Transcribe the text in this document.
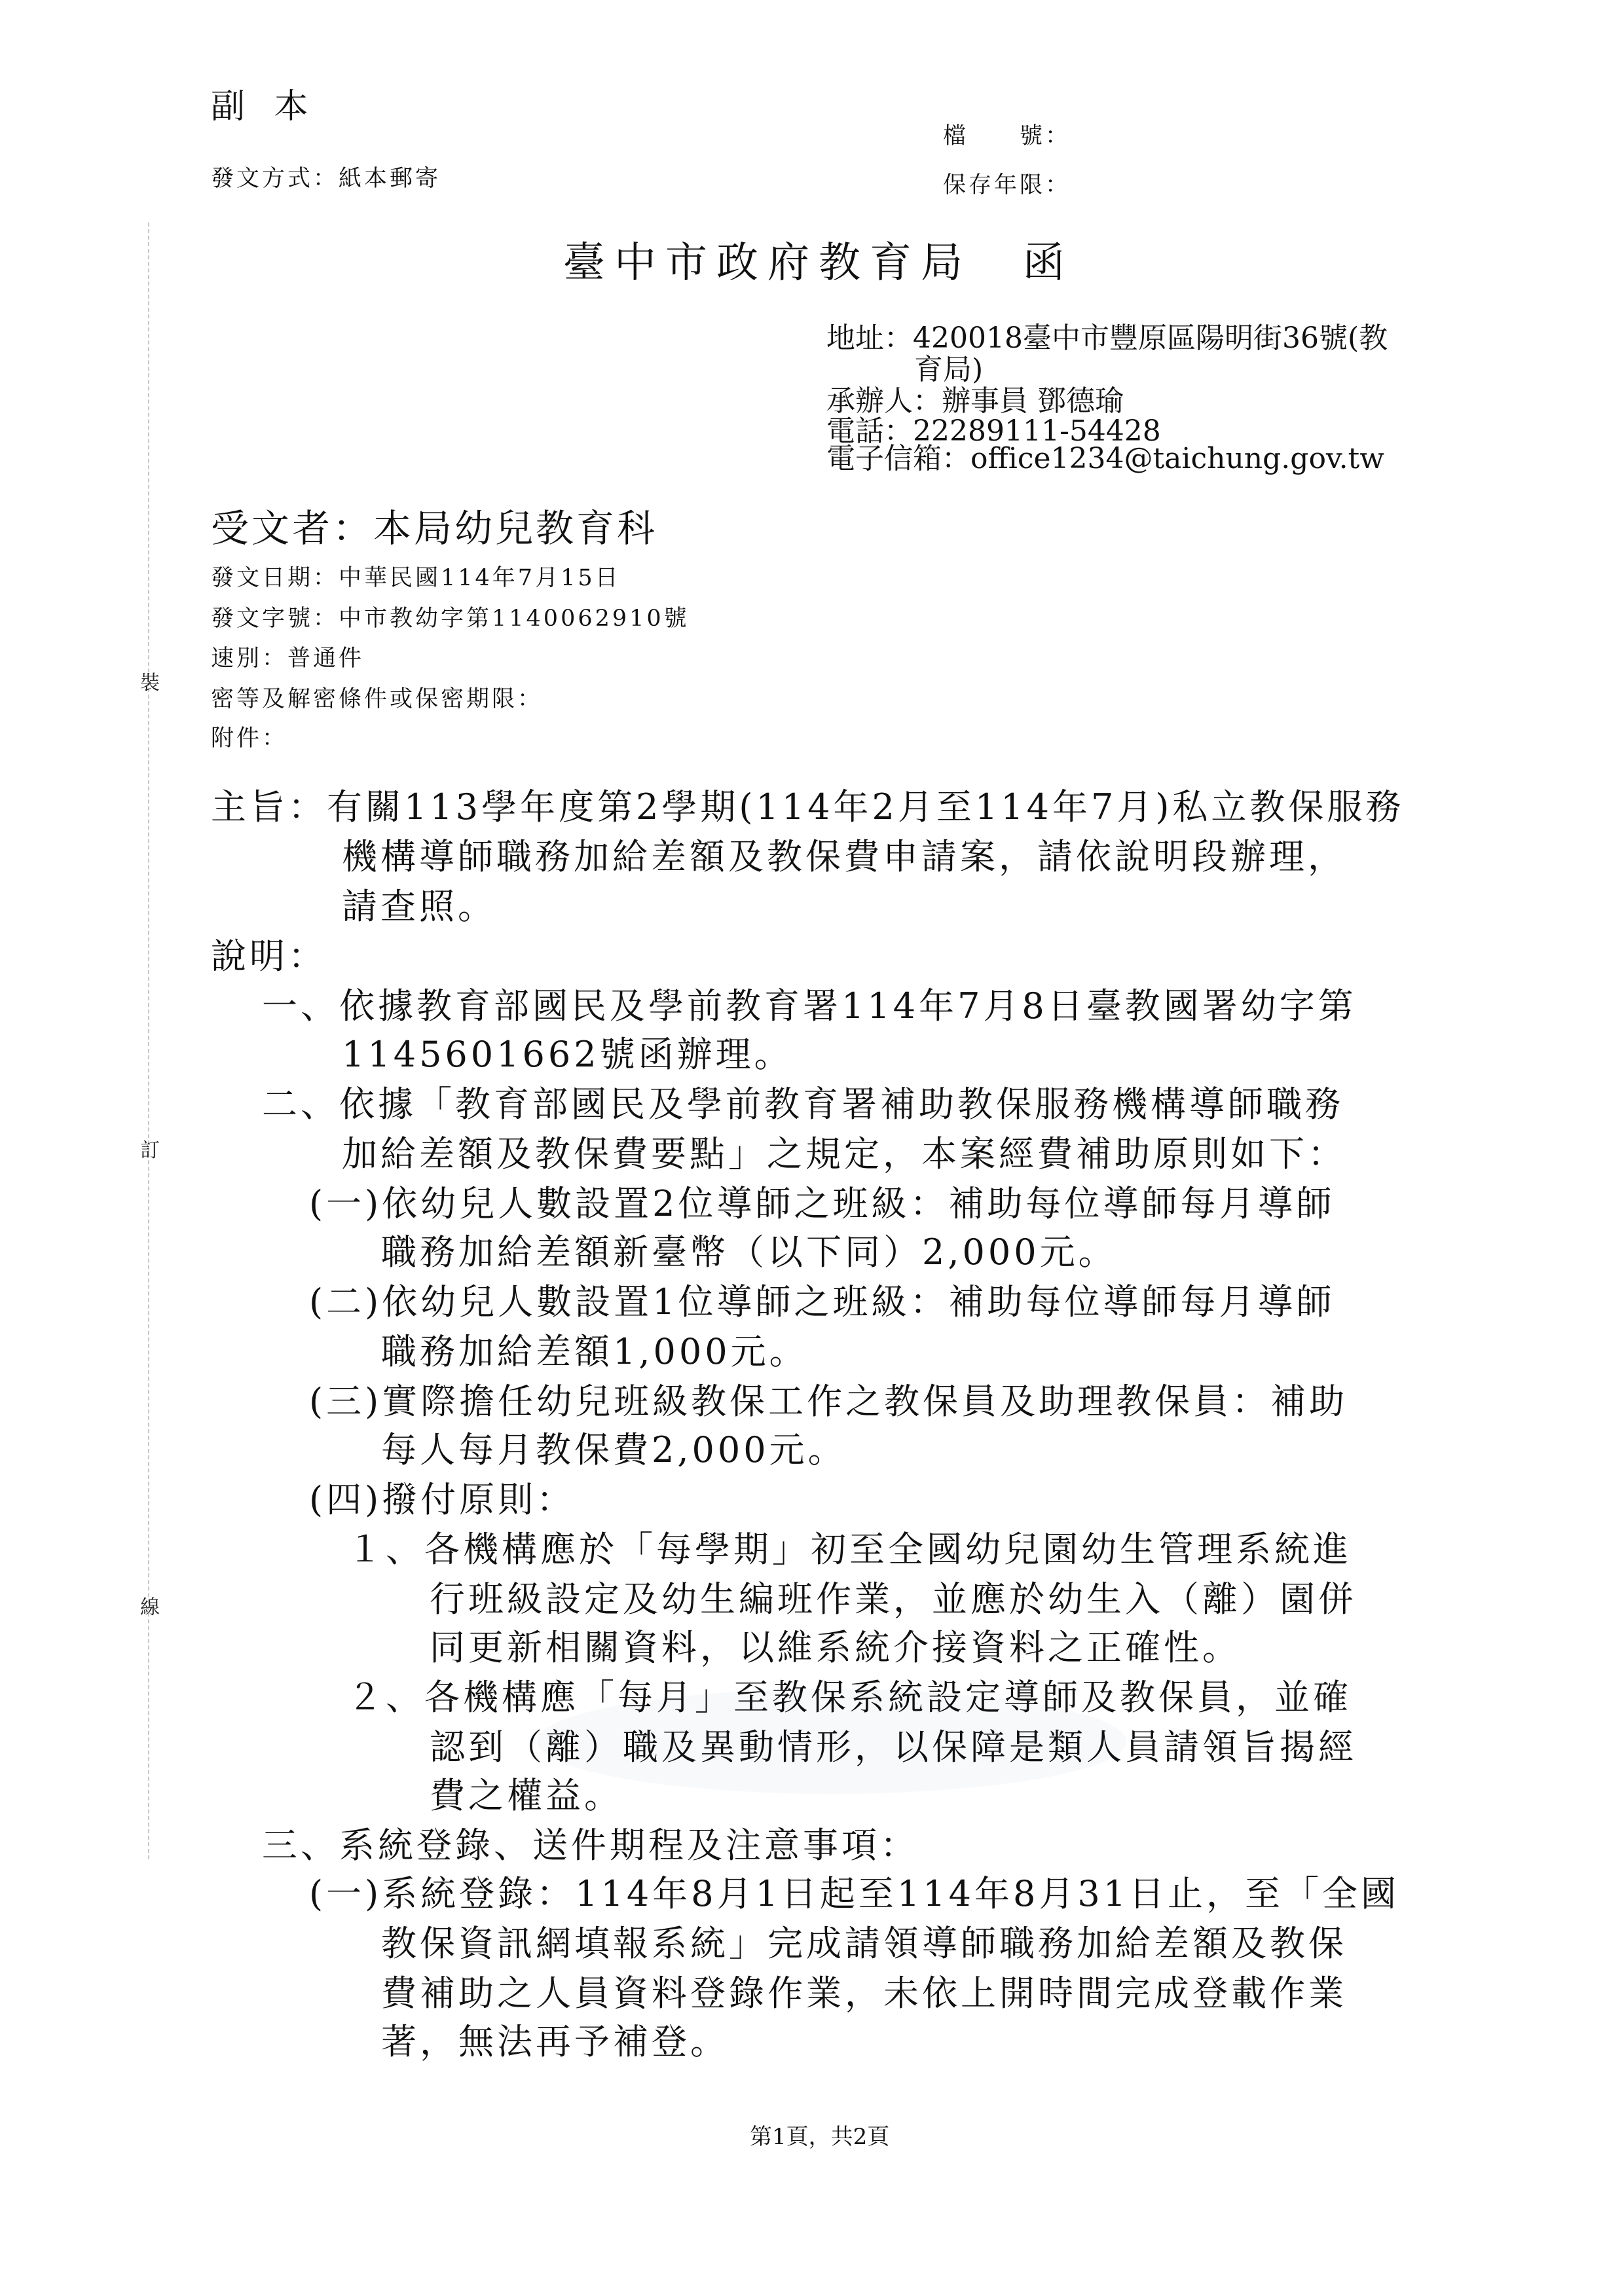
副 本
檔　　號：
發文方式：紙本郵寄	保存年限：
臺中市政府教育局　函
地址：420018臺中市豐原區陽明街36號(教
育局)
承辦人：辦事員 鄧德瑜
電話：22289111-54428
電子信箱：office1234@taichung.gov.tw
受文者：本局幼兒教育科
發文日期：中華民國114年7月15日
發文字號：中市教幼字第1140062910號
速別：普通件
密等及解密條件或保密期限：
附件：
裝
訂
線
主旨：有關113學年度第2學期(114年2月至114年7月)私立教保服務
機構導師職務加給差額及教保費申請案，請依說明段辦理，
請查照。
說明：
一、依據教育部國民及學前教育署114年7月8日臺教國署幼字第
1145601662號函辦理。
二、依據「教育部國民及學前教育署補助教保服務機構導師職務
加給差額及教保費要點」之規定，本案經費補助原則如下：
(一)依幼兒人數設置2位導師之班級：補助每位導師每月導師
職務加給差額新臺幣（以下同）2,000元。
(二)依幼兒人數設置1位導師之班級：補助每位導師每月導師
職務加給差額1,000元。
(三)實際擔任幼兒班級教保工作之教保員及助理教保員：補助
每人每月教保費2,000元。
(四)撥付原則：
１、各機構應於「每學期」初至全國幼兒園幼生管理系統進
行班級設定及幼生編班作業，並應於幼生入（離）園併
同更新相關資料，以維系統介接資料之正確性。
２、各機構應「每月」至教保系統設定導師及教保員，並確
認到（離）職及異動情形，以保障是類人員請領旨揭經
費之權益。
三、系統登錄、送件期程及注意事項：
(一)系統登錄：114年8月1日起至114年8月31日止，至「全國
教保資訊網填報系統」完成請領導師職務加給差額及教保
費補助之人員資料登錄作業，未依上開時間完成登載作業
著，無法再予補登。
第1頁，共2頁
